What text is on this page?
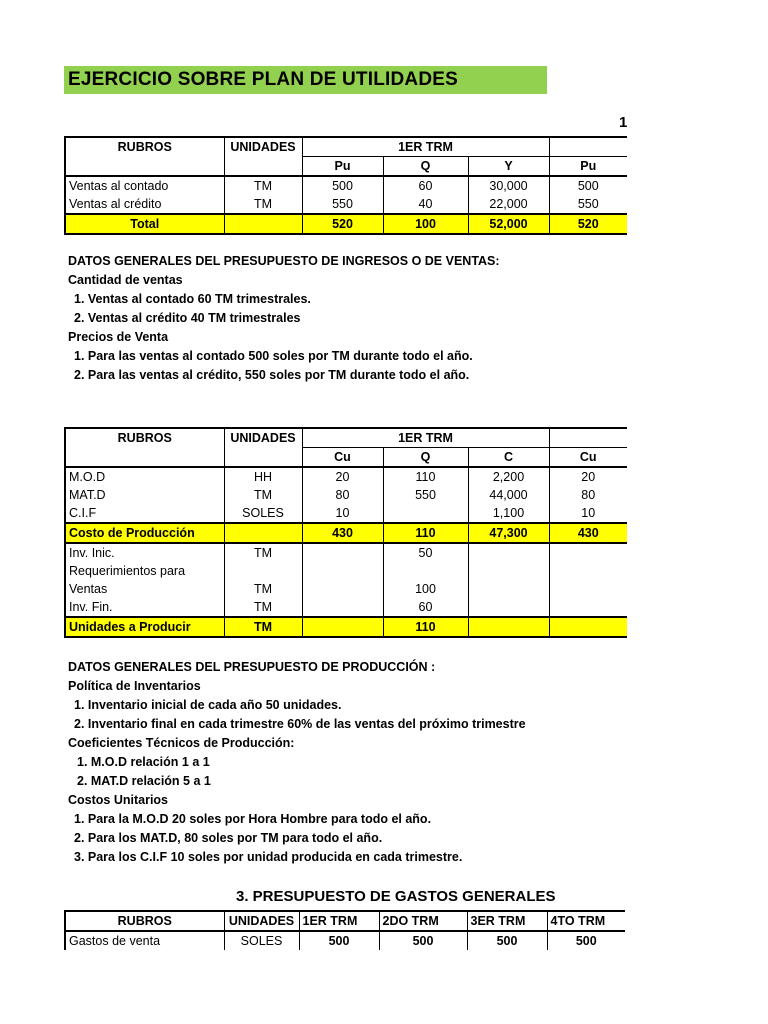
EJERCICIO SOBRE PLAN DE UTILIDADES
1
RUBROS	UNIDADES	1ER TRM			
		Pu	Q	Y	Pu
Ventas al contado	TM	500	60	30,000	500
Ventas al crédito	TM	550	40	22,000	550
Total		520	100	52,000	520
DATOS GENERALES DEL PRESUPUESTO DE INGRESOS O DE VENTAS:
Cantidad de ventas
1. Ventas al contado 60 TM trimestrales.
2. Ventas al crédito 40 TM trimestrales
Precios de Venta
1. Para las ventas al contado 500 soles por TM durante todo el año.
2. Para las ventas al crédito, 550 soles por TM durante todo el año.
RUBROS	UNIDADES	1ER TRM			
		Cu	Q	C	Cu
M.O.D	HH	20	110	2,200	20
MAT.D	TM	80	550	44,000	80
C.I.F	SOLES	10		1,100	10
Costo de Producción		430	110	47,300	430
Inv. Inic.	TM		50		
Requerimientos para					
Ventas	TM		100		
Inv. Fin.	TM		60		
Unidades a Producir	TM		110		
DATOS GENERALES DEL PRESUPUESTO DE PRODUCCIÓN :
Política de Inventarios
1. Inventario inicial de cada año 50 unidades.
2. Inventario final en cada trimestre 60% de las ventas del próximo trimestre
Coeficientes Técnicos de Producción:
1. M.O.D relación 1 a 1
2. MAT.D relación 5 a 1
Costos Unitarios
1. Para la M.O.D 20 soles por Hora Hombre para todo el año.
2. Para los MAT.D, 80 soles por TM para todo el año.
3. Para los C.I.F 10 soles por unidad producida en cada trimestre.
3. PRESUPUESTO DE GASTOS GENERALES
RUBROS	UNIDADES	1ER TRM	2DO TRM	3ER TRM	4TO TRM
Gastos de venta	SOLES	500	500	500	500
